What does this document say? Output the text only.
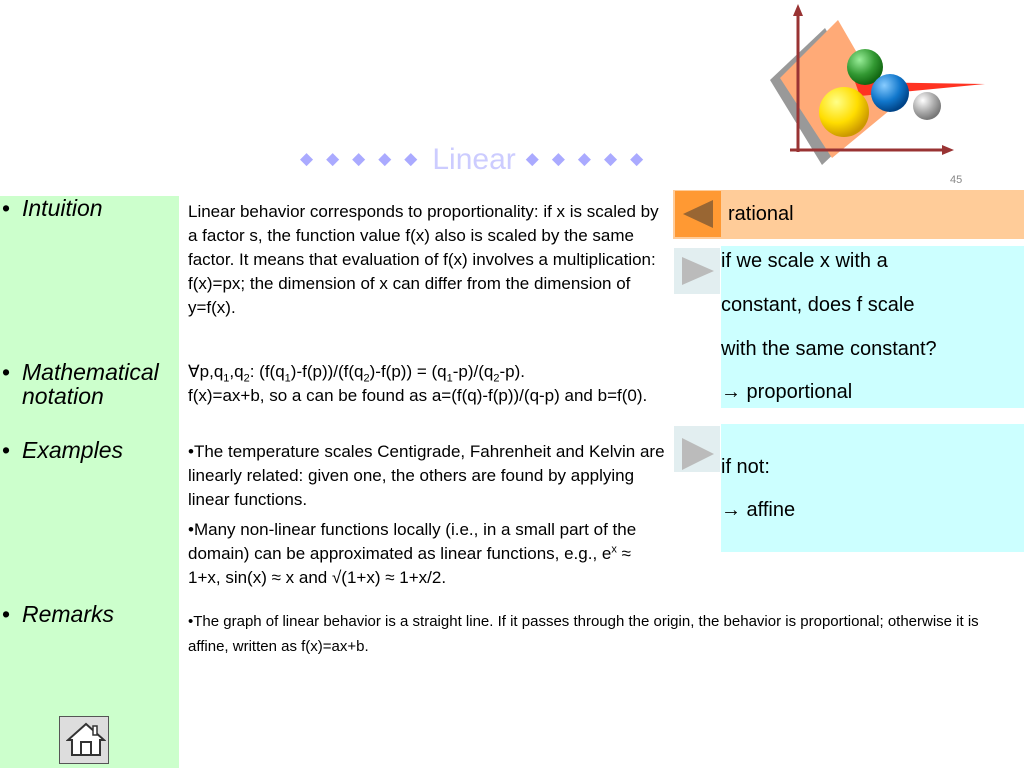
◆◆◆◆◆Linear ◆◆◆◆◆
45
• Intuition
• Mathematical
notation
• Examples
• Remarks

Linear behavior corresponds to proportionality: if x is scaled by a factor s, the function value f(x) also is scaled by the same factor. It means that evaluation of f(x) involves a multiplication: f(x)=px; the dimension of x can differ from the dimension of y=f(x).

$\forall p,q_1,q_2$: $(f(q_1)-f(p))/(f(q_2)-f(p)) = (q_1-p)/(q_2-p)$.

f(x)=ax+b, so a can be found as a=(f(q)-f(p))/(q-p) and b=f(0).

•The temperature scales Centigrade, Fahrenheit and Kelvin are linearly related: given one, the others are found by applying linear functions.

•Many non-linear functions locally (i.e., in a small part of the domain) can be approximated as linear functions, e.g., $e^x \approx 1+x$, sin(x) ≈ x and √(1+x) ≈ 1+x/2.

•The graph of linear behavior is a straight line. If it passes through the origin, the behavior is proportional; otherwise it is affine, written as f(x)=ax+b.

rational
if we scale x with a
constant, does f scale
with the same constant?
→ proportional
if not:
→ affine
